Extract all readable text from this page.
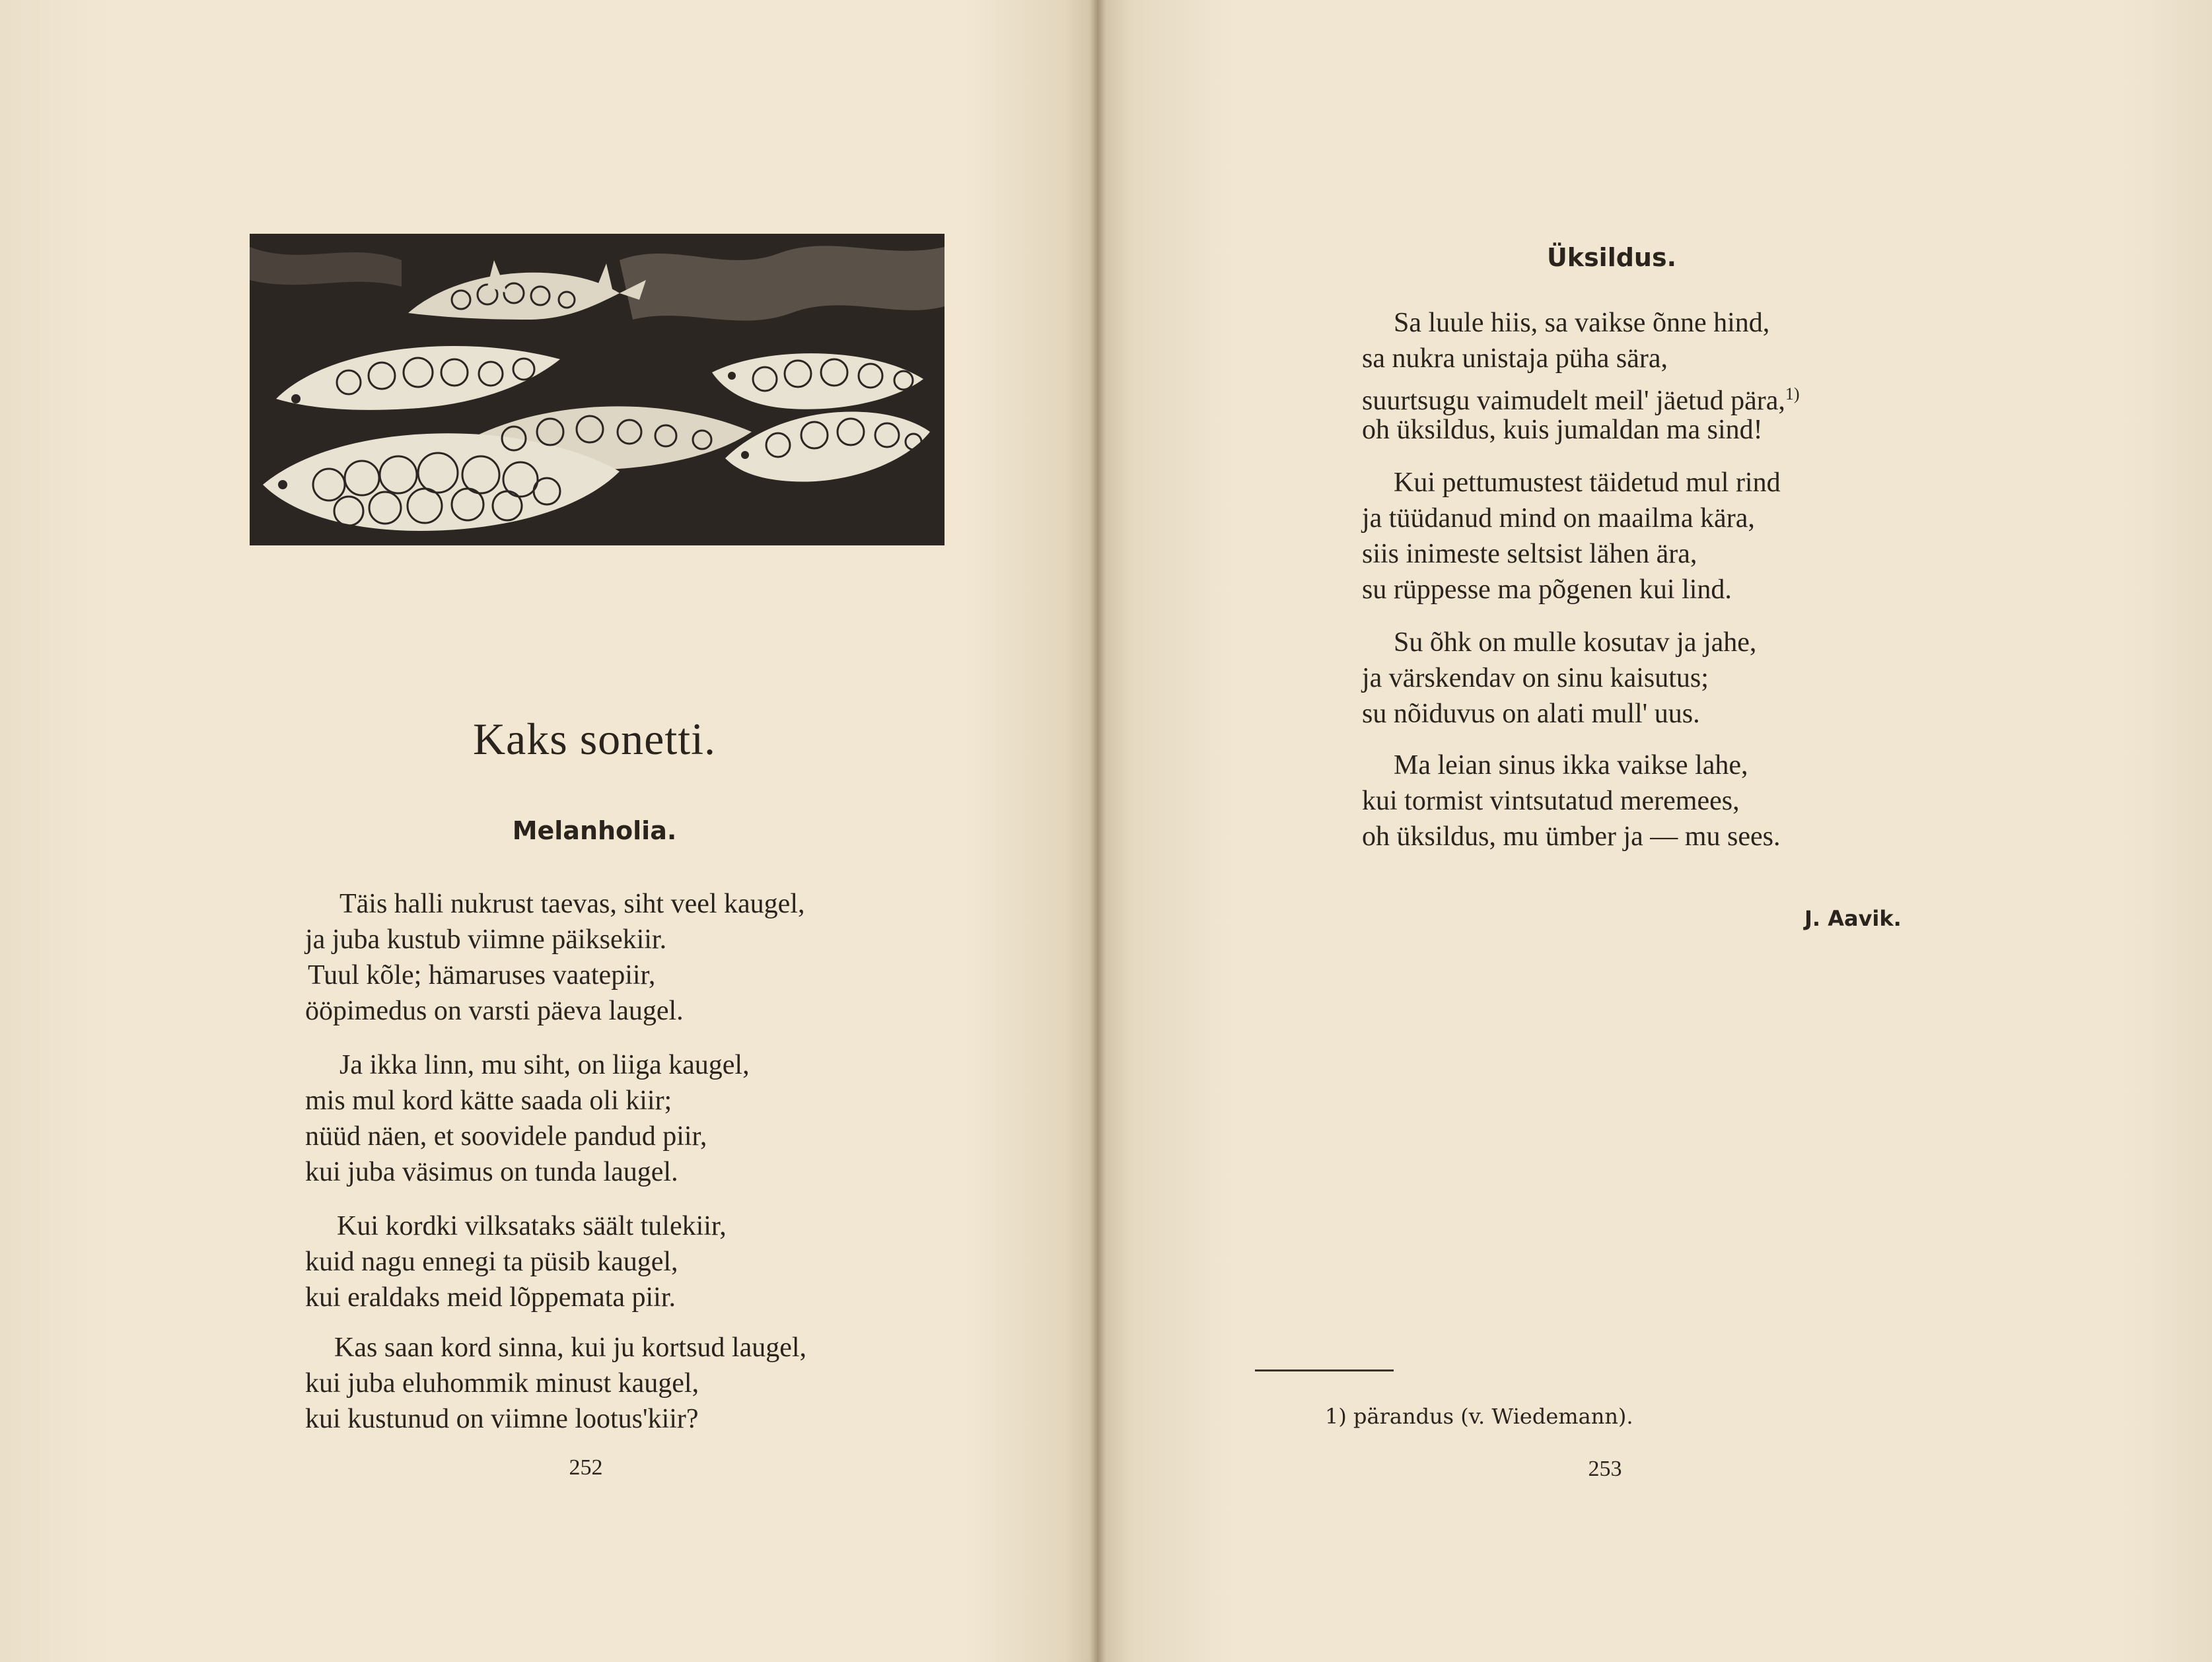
Kaks sonetti.
Melanholia.
Täis halli nukrust taevas, siht veel kaugel,
ja juba kustub viimne päiksekiir.
Tuul kõle; hämaruses vaatepiir,
ööpimedus on varsti päeva laugel.
Ja ikka linn, mu siht, on liiga kaugel,
mis mul kord kätte saada oli kiir;
nüüd näen, et soovidele pandud piir,
kui juba väsimus on tunda laugel.
Kui kordki vilksataks säält tulekiir,
kuid nagu ennegi ta püsib kaugel,
kui eraldaks meid lõppemata piir.
Kas saan kord sinna, kui ju kortsud laugel,
kui juba eluhommik minust kaugel,
kui kustunud on viimne lootus'kiir?
252
Üksildus.
Sa luule hiis, sa vaikse õnne hind,
sa nukra unistaja püha sära,
suurtsugu vaimudelt meil' jäetud pära,$^{1)}$
oh üksildus, kuis jumaldan ma sind!
Kui pettumustest täidetud mul rind
ja tüüdanud mind on maailma kära,
siis inimeste seltsist lähen ära,
su rüppesse ma põgenen kui lind.
Su õhk on mulle kosutav ja jahe,
ja värskendav on sinu kaisutus;
su nõiduvus on alati mull' uus.
Ma leian sinus ikka vaikse lahe,
kui tormist vintsutatud meremees,
oh üksildus, mu ümber ja — mu sees.
J. Aavik.
1) pärandus (v. Wiedemann).
253
